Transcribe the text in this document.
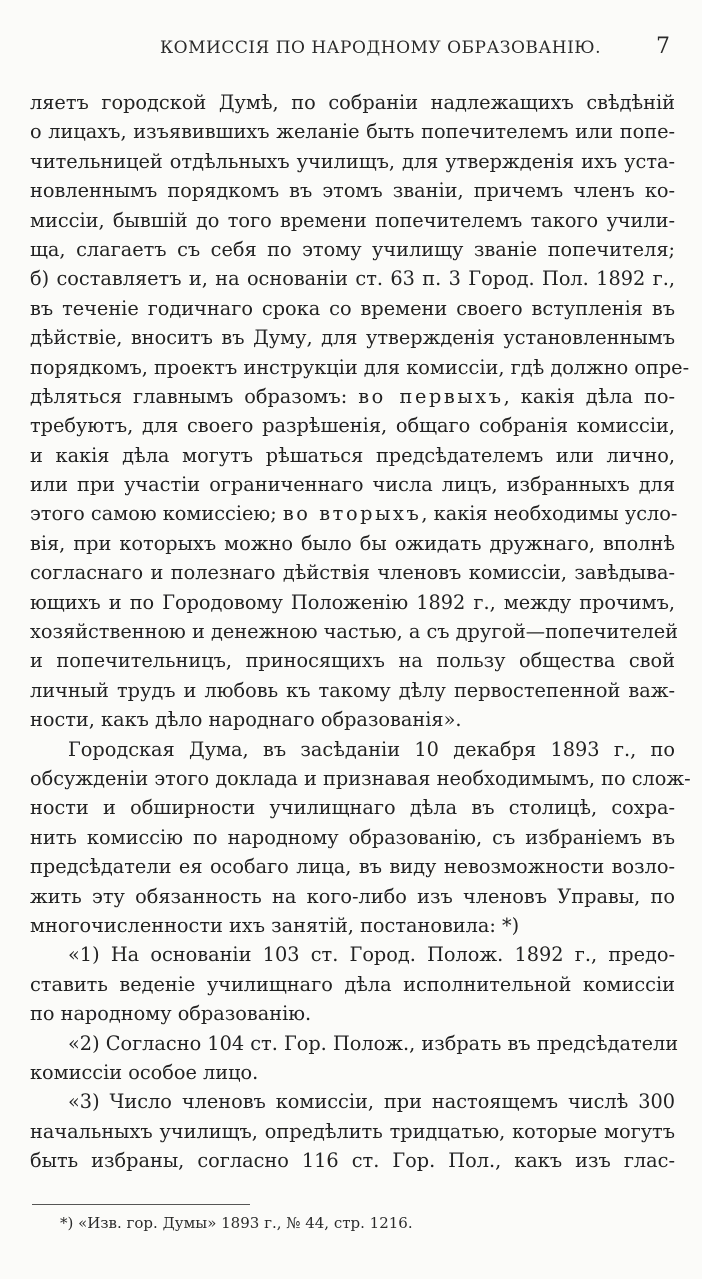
КОМИССІЯ ПО НАРОДНОМУ ОБРАЗОВАНІЮ.	7

ляетъ городской Думѣ, по собраніи надлежащихъ свѣдѣній
о лицахъ, изъявившихъ желаніе быть попечителемъ или попе-
чительницей отдѣльныхъ училищъ, для утвержденія ихъ уста-
новленнымъ порядкомъ въ этомъ званіи, причемъ членъ ко-
миссіи, бывшій до того времени попечителемъ такого учили-
ща, слагаетъ съ себя по этому училищу званіе попечителя;
б) составляетъ и, на основаніи ст. 63 п. 3 Город. Пол. 1892 г.,
въ теченіе годичнаго срока со времени своего вступленія въ
дѣйствіе, вноситъ въ Думу, для утвержденія установленнымъ
порядкомъ, проектъ инструкціи для комиссіи, гдѣ должно опре-
дѣляться главнымъ образомъ: во первыхъ, какія дѣла по-
требуютъ, для своего разрѣшенія, общаго собранія комиссіи,
и какія дѣла могутъ рѣшаться предсѣдателемъ или лично,
или при участіи ограниченнаго числа лицъ, избранныхъ для
этого самою комиссіею; во вторыхъ, какія необходимы усло-
вія, при которыхъ можно было бы ожидать дружнаго, вполнѣ
согласнаго и полезнаго дѣйствія членовъ комиссіи, завѣдыва-
ющихъ и по Городовому Положенію 1892 г., между прочимъ,
хозяйственною и денежною частью, а съ другой—попечителей
и попечительницъ, приносящихъ на пользу общества свой
личный трудъ и любовь къ такому дѣлу первостепенной важ-
ности, какъ дѣло народнаго образованія».

Городская Дума, въ засѣданіи 10 декабря 1893 г., по
обсужденіи этого доклада и признавая необходимымъ, по слож-
ности и обширности училищнаго дѣла въ столицѣ, сохра-
нить комиссію по народному образованію, съ избраніемъ въ
предсѣдатели ея особаго лица, въ виду невозможности возло-
жить эту обязанность на кого-либо изъ членовъ Управы, по
многочисленности ихъ занятій, постановила: *)

«1) На основаніи 103 ст. Город. Полож. 1892 г., предо-
ставить веденіе училищнаго дѣла исполнительной комиссіи
по народному образованію.

«2) Согласно 104 ст. Гор. Полож., избрать въ предсѣдатели
комиссіи особое лицо.

«3) Число членовъ комиссіи, при настоящемъ числѣ 300
начальныхъ училищъ, опредѣлить тридцатью, которые могутъ
быть избраны, согласно 116 ст. Гор. Пол., какъ изъ глас-

*) «Изв. гор. Думы» 1893 г., № 44, стр. 1216.
